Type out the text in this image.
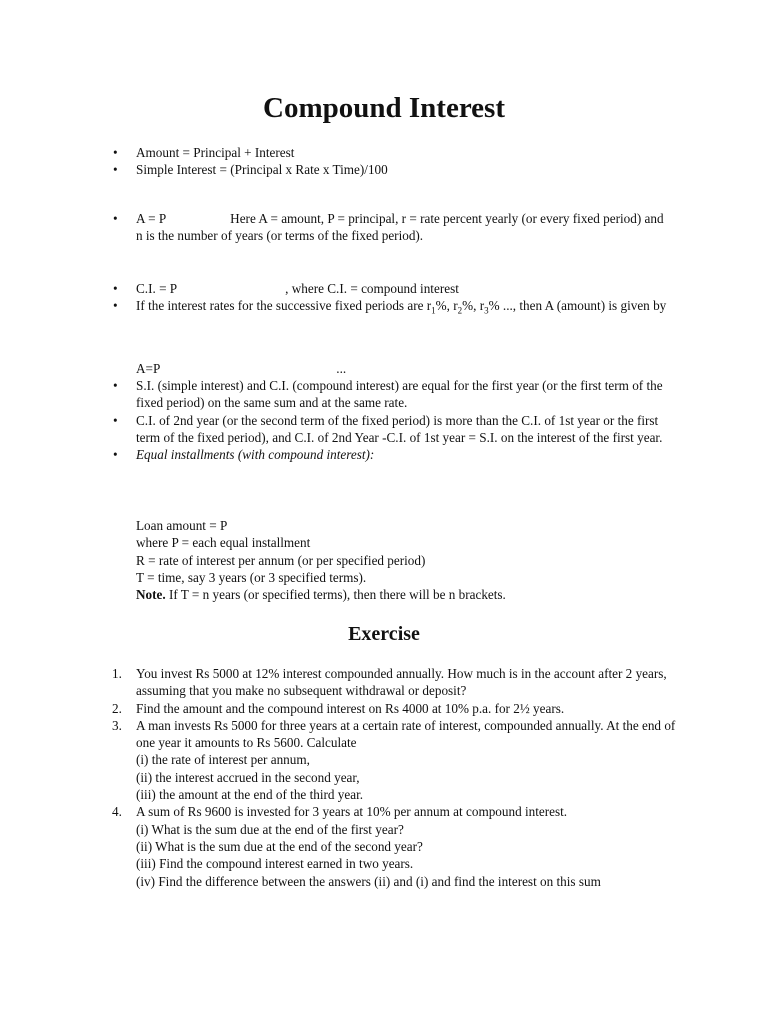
Compound Interest
• Amount = Principal + Interest
• Simple Interest = (Principal x Rate x Time)/100
• A = P	Here A = amount, P = principal, r = rate percent yearly (or every fixed period) and n is the number of years (or terms of the fixed period).
• C.I. = P	, where C.I. = compound interest
• If the interest rates for the successive fixed periods are $r_1\%$, $r_2\%$, $r_3\%$ ..., then A (amount) is given by
A=P	...
• S.I. (simple interest) and C.I. (compound interest) are equal for the first year (or the first term of the fixed period) on the same sum and at the same rate.
• C.I. of 2nd year (or the second term of the fixed period) is more than the C.I. of 1st year or the first term of the fixed period), and C.I. of 2nd Year -C.I. of 1st year = S.I. on the interest of the first year.
• Equal installments (with compound interest):
Loan amount = P
where P = each equal installment
R = rate of interest per annum (or per specified period)
T = time, say 3 years (or 3 specified terms).
Note. If T = n years (or specified terms), then there will be n brackets.
Exercise
1. You invest Rs 5000 at 12% interest compounded annually. How much is in the account after 2 years, assuming that you make no subsequent withdrawal or deposit?
2. Find the amount and the compound interest on Rs 4000 at 10% p.a. for 2½ years.
3. A man invests Rs 5000 for three years at a certain rate of interest, compounded annually. At the end of one year it amounts to Rs 5600. Calculate
(i) the rate of interest per annum,
(ii) the interest accrued in the second year,
(iii) the amount at the end of the third year.
4. A sum of Rs 9600 is invested for 3 years at 10% per annum at compound interest.
(i) What is the sum due at the end of the first year?
(ii) What is the sum due at the end of the second year?
(iii) Find the compound interest earned in two years.
(iv) Find the difference between the answers (ii) and (i) and find the interest on this sum
